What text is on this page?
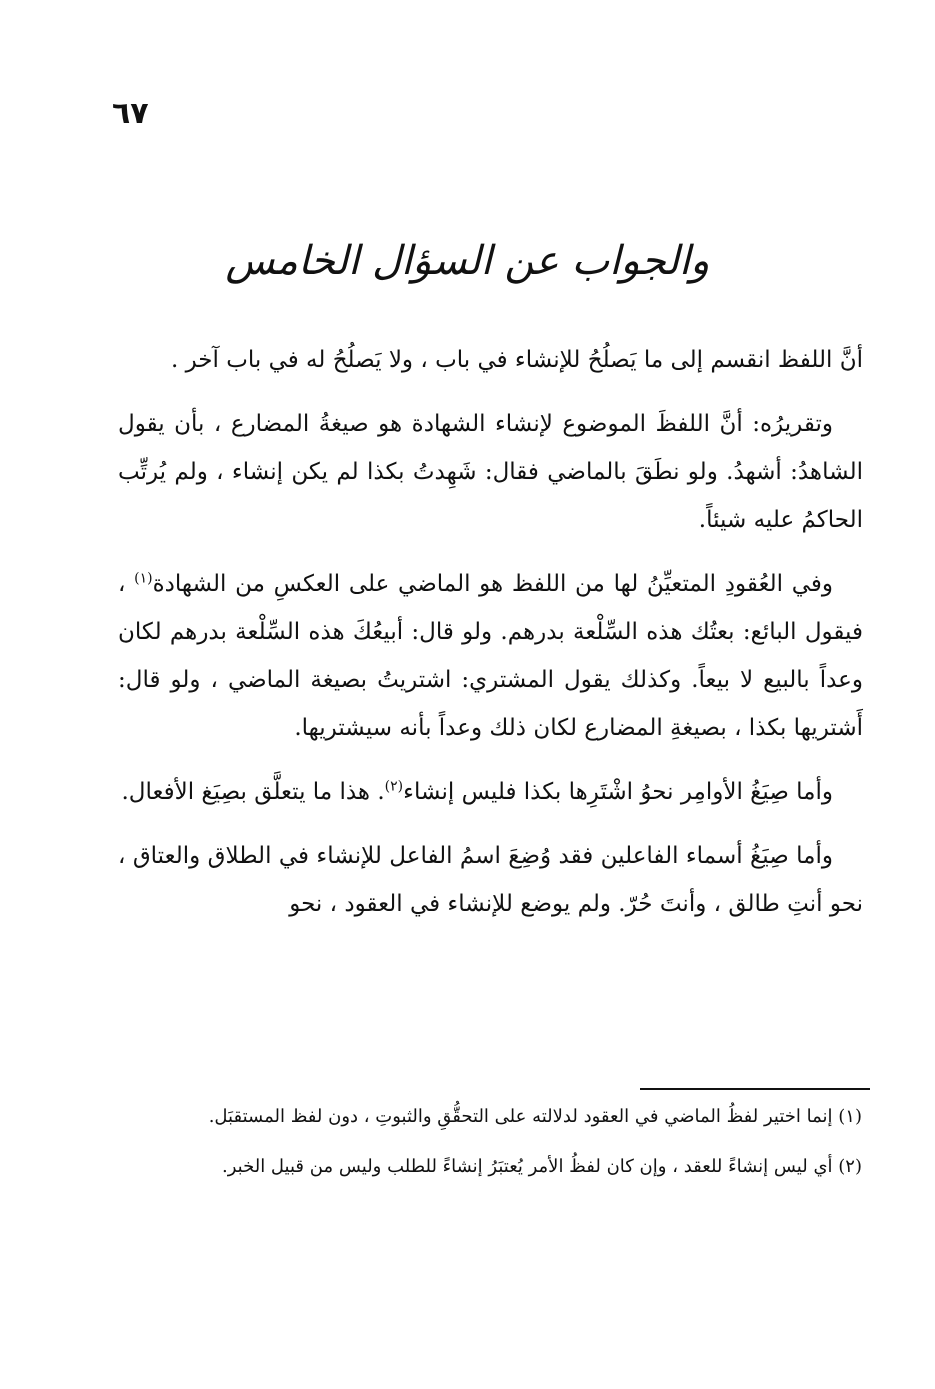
٦٧
والجواب عن السؤال الخامس

أنَّ اللفظ انقسم إلى ما يَصلُحُ للإنشاء في باب ، ولا يَصلُحُ له في باب آخر .

وتقريرُه: أنَّ اللفظَ الموضوع لإنشاء الشهادة هو صيغةُ المضارع ، بأن يقول الشاهدُ: أشهدُ. ولو نطَقَ بالماضي فقال: شَهِدتُ بكذا لم يكن إنشاء ، ولم يُرتِّب الحاكمُ عليه شيئاً.

وفي العُقودِ المتعيِّنُ لها من اللفظ هو الماضي على العكسِ من الشهادة$^{(١)}$ ، فيقول البائع: بعتُك هذه السِّلْعة بدرهم. ولو قال: أبيعُكَ هذه السِّلْعة بدرهم لكان وعداً بالبيع لا بيعاً. وكذلك يقول المشتري: اشتريتُ بصيغة الماضي ، ولو قال: أَشتريها بكذا ، بصيغةِ المضارع لكان ذلك وعداً بأنه سيشتريها.

وأما صِيَغُ الأوامِر نحوُ اشْتَرِها بكذا فليس إنشاء$^{(٢)}$. هذا ما يتعلَّق بصِيَغ الأفعال.

وأما صِيَغُ أسماء الفاعلين فقد وُضِعَ اسمُ الفاعل للإنشاء في الطلاق والعتاق ، نحو أنتِ طالق ، وأنتَ حُرّ. ولم يوضع للإنشاء في العقود ، نحو

(١) إنما اختير لفظُ الماضي في العقود لدلالته على التحقُّقِ والثبوتِ ، دون لفظ المستقبَل.

(٢) أي ليس إنشاءً للعقد ، وإن كان لفظُ الأمر يُعتبَرُ إنشاءً للطلب وليس من قبيل الخبر.
